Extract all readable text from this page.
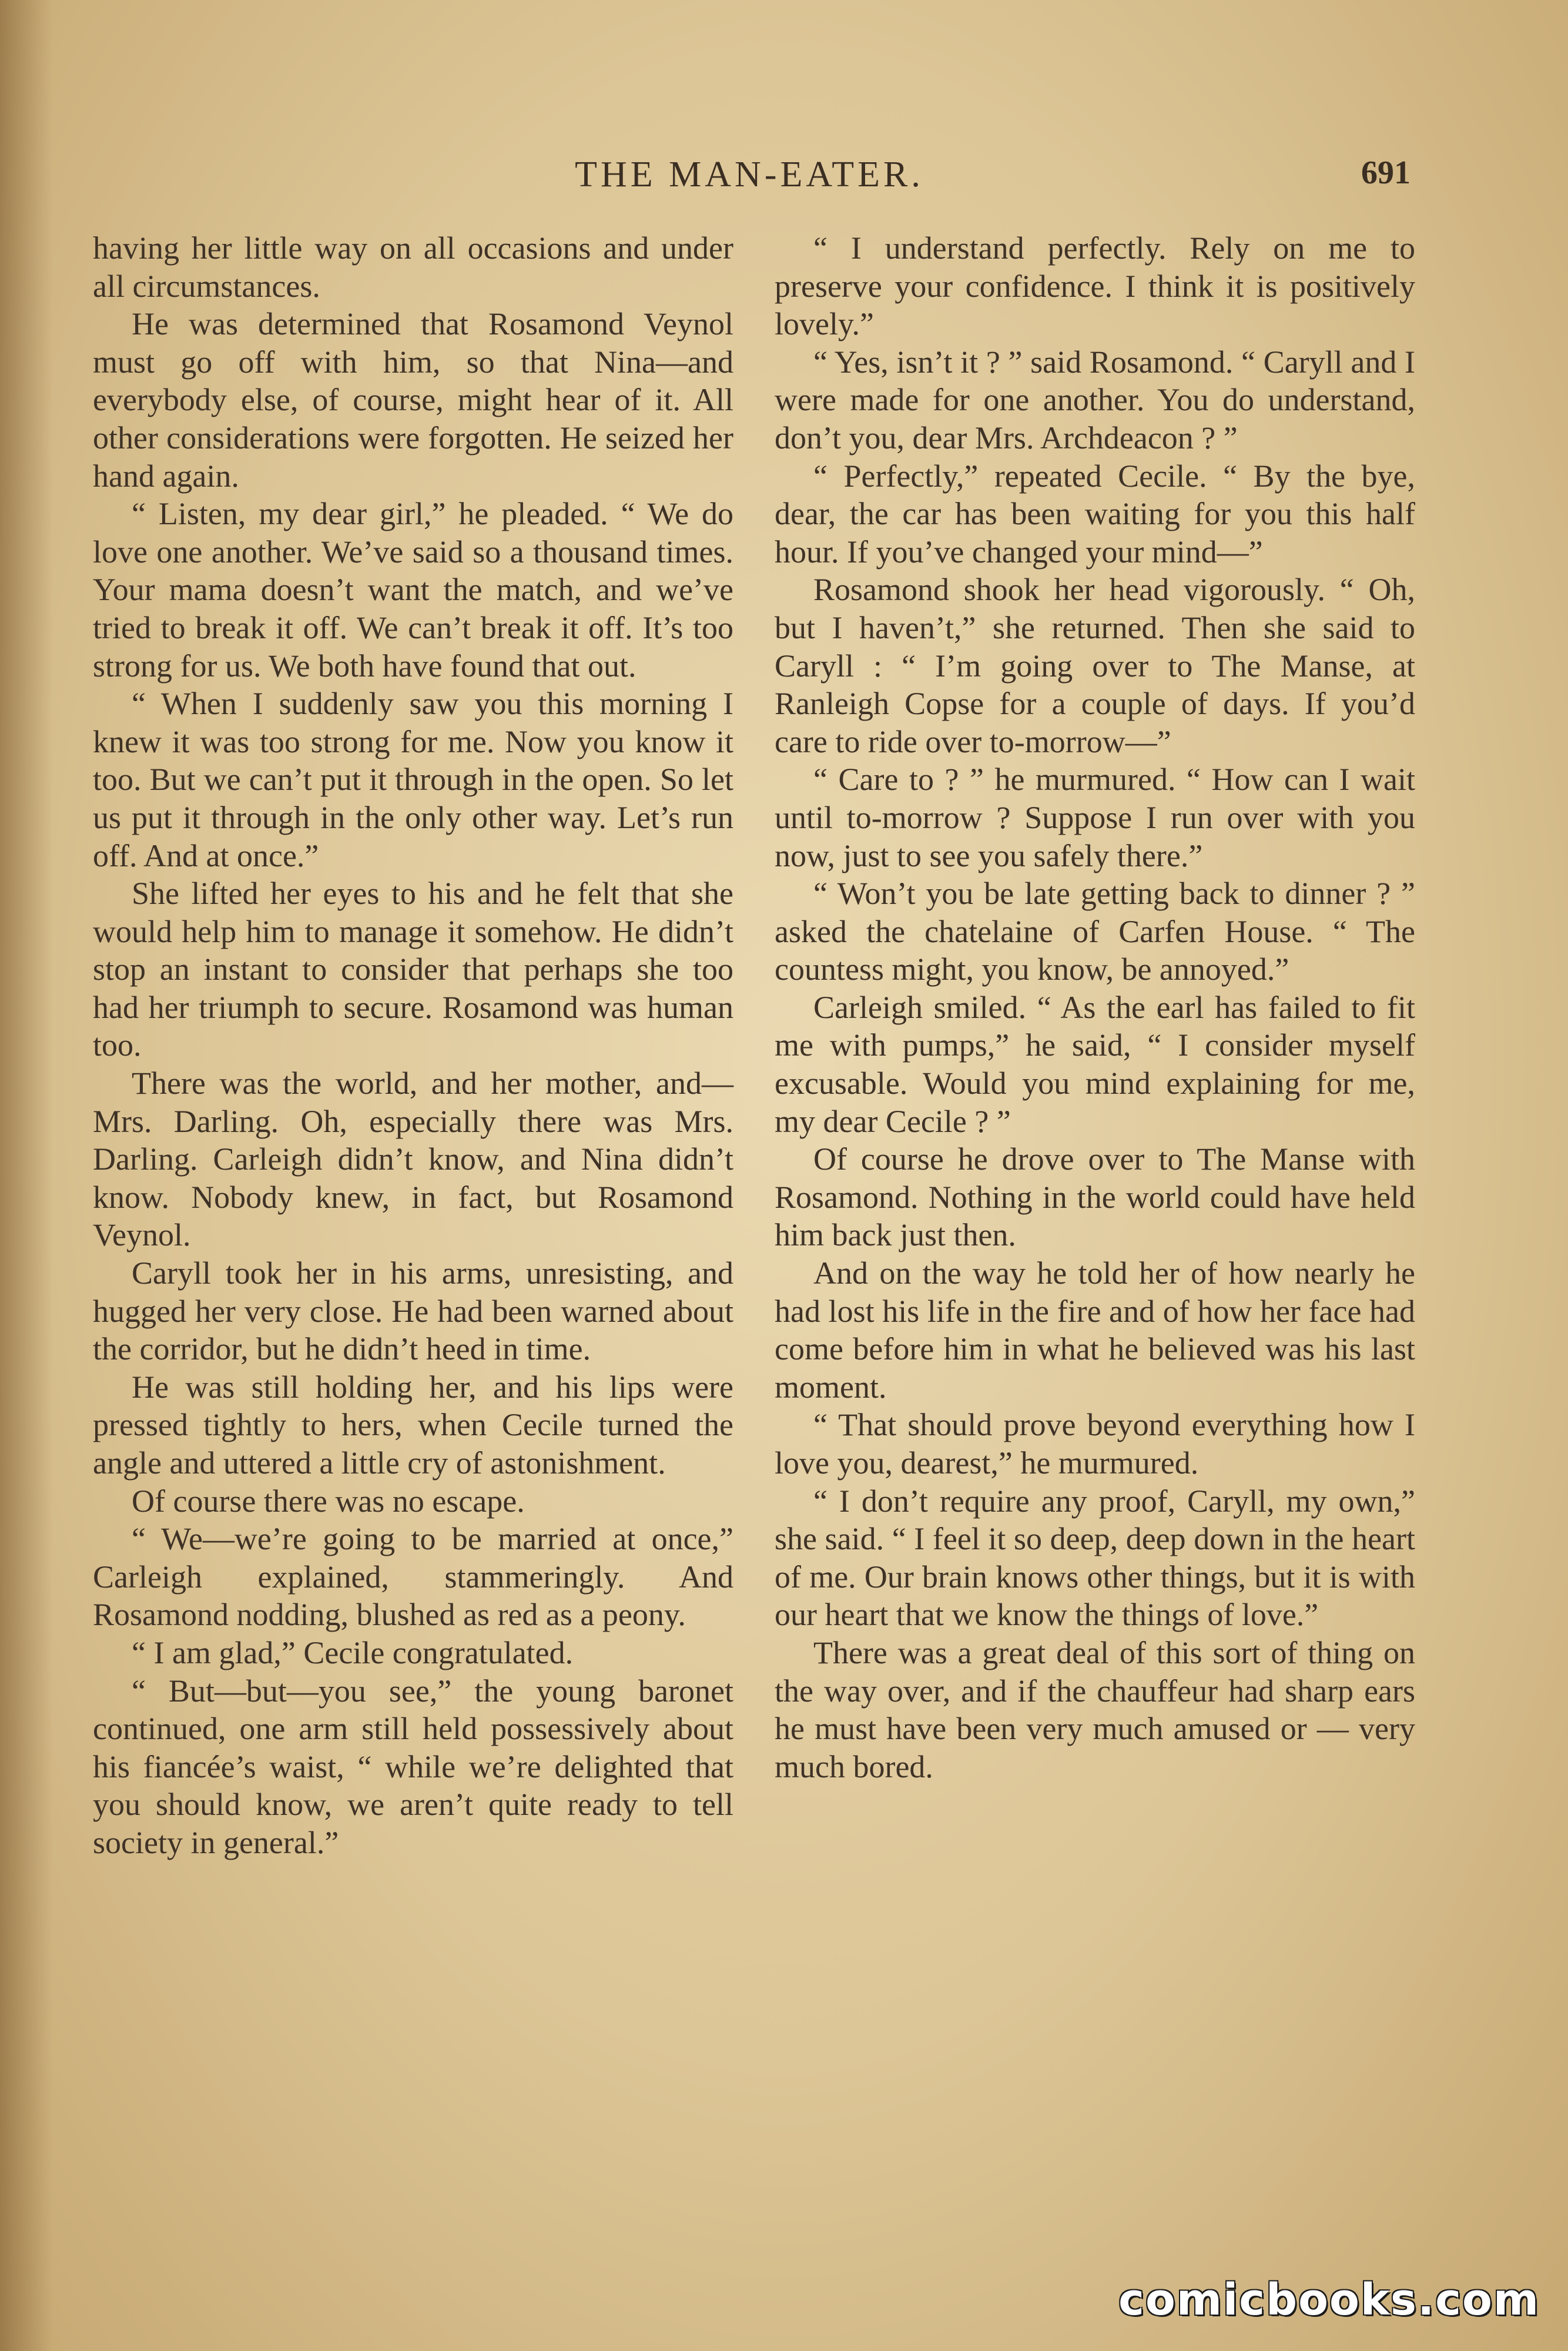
THE MAN-EATER.	691

having her little way on all occasions and under all circumstances.

He was determined that Rosamond Veynol must go off with him, so that Nina—and everybody else, of course, might hear of it. All other considerations were forgotten. He seized her hand again.

“ Listen, my dear girl,” he pleaded. “ We do love one another. We’ve said so a thousand times. Your mama doesn’t want the match, and we’ve tried to break it off. We can’t break it off. It’s too strong for us. We both have found that out.

“ When I suddenly saw you this morning I knew it was too strong for me. Now you know it too. But we can’t put it through in the open. So let us put it through in the only other way. Let’s run off. And at once.”

She lifted her eyes to his and he felt that she would help him to manage it somehow. He didn’t stop an instant to consider that perhaps she too had her triumph to secure. Rosamond was human too.

There was the world, and her mother, and—Mrs. Darling. Oh, especially there was Mrs. Darling. Carleigh didn’t know, and Nina didn’t know. Nobody knew, in fact, but Rosamond Veynol.

Caryll took her in his arms, unresisting, and hugged her very close. He had been warned about the corridor, but he didn’t heed in time.

He was still holding her, and his lips were pressed tightly to hers, when Cecile turned the angle and uttered a little cry of astonishment.

Of course there was no escape.

“ We—we’re going to be married at once,” Carleigh explained, stammeringly. And Rosamond nodding, blushed as red as a peony.

“ I am glad,” Cecile congratulated.

“ But—but—you see,” the young baronet continued, one arm still held possessively about his fiancée’s waist, “ while we’re delighted that you should know, we aren’t quite ready to tell society in general.”

“ I understand perfectly. Rely on me to preserve your confidence. I think it is positively lovely.”

“ Yes, isn’t it ? ” said Rosamond. “ Caryll and I were made for one another. You do understand, don’t you, dear Mrs. Archdeacon ? ”

“ Perfectly,” repeated Cecile. “ By the bye, dear, the car has been waiting for you this half hour. If you’ve changed your mind—”

Rosamond shook her head vigorously. “ Oh, but I haven’t,” she returned. Then she said to Caryll : “ I’m going over to The Manse, at Ranleigh Copse for a couple of days. If you’d care to ride over to-morrow—”

“ Care to ? ” he murmured. “ How can I wait until to-morrow ? Suppose I run over with you now, just to see you safely there.”

“ Won’t you be late getting back to dinner ? ” asked the chatelaine of Carfen House. “ The countess might, you know, be annoyed.”

Carleigh smiled. “ As the earl has failed to fit me with pumps,” he said, “ I consider myself excusable. Would you mind explaining for me, my dear Cecile ? ”

Of course he drove over to The Manse with Rosamond. Nothing in the world could have held him back just then.

And on the way he told her of how nearly he had lost his life in the fire and of how her face had come before him in what he believed was his last moment.

“ That should prove beyond everything how I love you, dearest,” he murmured.

“ I don’t require any proof, Caryll, my own,” she said. “ I feel it so deep, deep down in the heart of me. Our brain knows other things, but it is with our heart that we know the things of love.”

There was a great deal of this sort of thing on the way over, and if the chauffeur had sharp ears he must have been very much amused or — very much bored.

comicbooks.com
